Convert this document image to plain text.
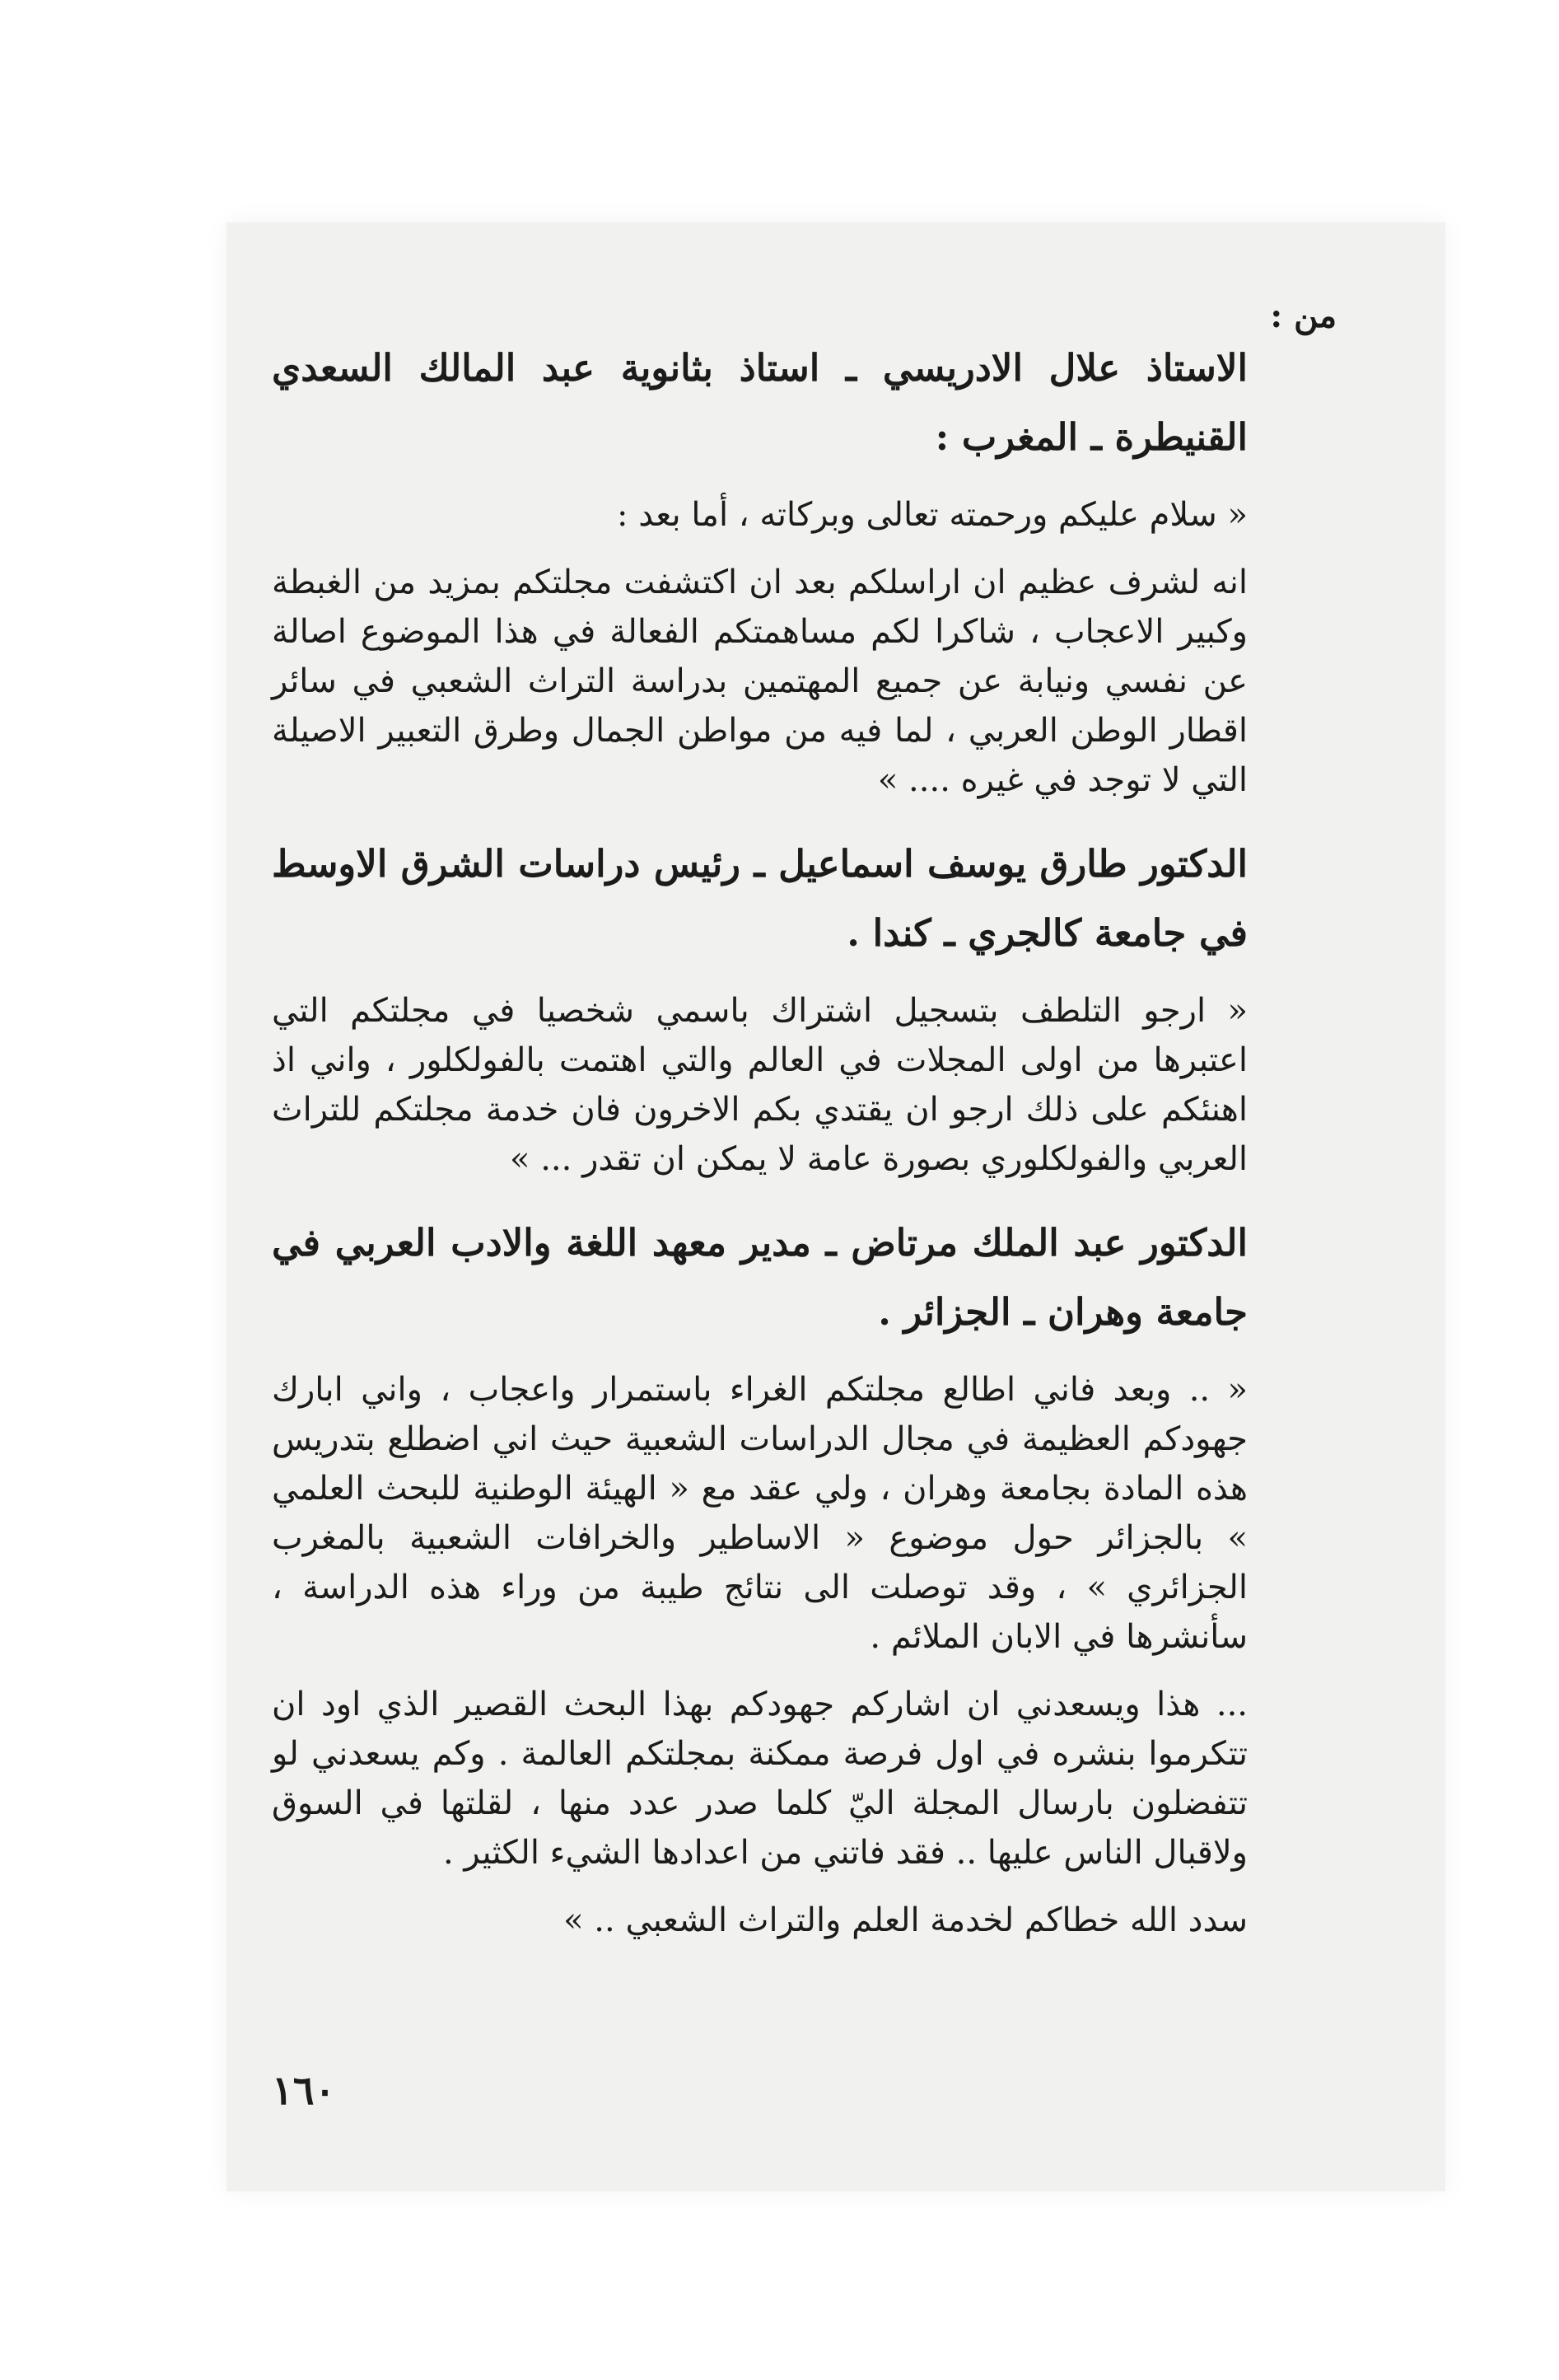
من :

الاستاذ علال الادريسي ـ استاذ بثانوية عبد المالك السعدي القنيطرة ـ المغرب :

« سلام عليكم ورحمته تعالى وبركاته ، أما بعد :

انه لشرف عظيم ان اراسلكم بعد ان اكتشفت مجلتكم بمزيد من الغبطة وكبير الاعجاب ، شاكرا لكم مساهمتكم الفعالة في هذا الموضوع اصالة عن نفسي ونيابة عن جميع المهتمين بدراسة التراث الشعبي في سائر اقطار الوطن العربي ، لما فيه من مواطن الجمال وطرق التعبير الاصيلة التي لا توجد في غيره .... »

الدكتور طارق يوسف اسماعيل ـ رئيس دراسات الشرق الاوسط في جامعة كالجري ـ كندا .

« ارجو التلطف بتسجيل اشتراك باسمي شخصيا في مجلتكم التي اعتبرها من اولى المجلات في العالم والتي اهتمت بالفولكلور ، واني اذ اهنئكم على ذلك ارجو ان يقتدي بكم الاخرون فان خدمة مجلتكم للتراث العربي والفولكلوري بصورة عامة لا يمكن ان تقدر ... »

الدكتور عبد الملك مرتاض ـ مدير معهد اللغة والادب العربي في جامعة وهران ـ الجزائر .

« .. وبعد فاني اطالع مجلتكم الغراء باستمرار واعجاب ، واني ابارك جهودكم العظيمة في مجال الدراسات الشعبية حيث اني اضطلع بتدريس هذه المادة بجامعة وهران ، ولي عقد مع « الهيئة الوطنية للبحث العلمي » بالجزائر حول موضوع « الاساطير والخرافات الشعبية بالمغرب الجزائري » ، وقد توصلت الى نتائج طيبة من وراء هذه الدراسة ، سأنشرها في الابان الملائم .

... هذا ويسعدني ان اشاركم جهودكم بهذا البحث القصير الذي اود ان تتكرموا بنشره في اول فرصة ممكنة بمجلتكم العالمة . وكم يسعدني لو تتفضلون بارسال المجلة اليّ كلما صدر عدد منها ، لقلتها في السوق ولاقبال الناس عليها .. فقد فاتني من اعدادها الشيء الكثير .

سدد الله خطاكم لخدمة العلم والتراث الشعبي .. »

١٦٠
